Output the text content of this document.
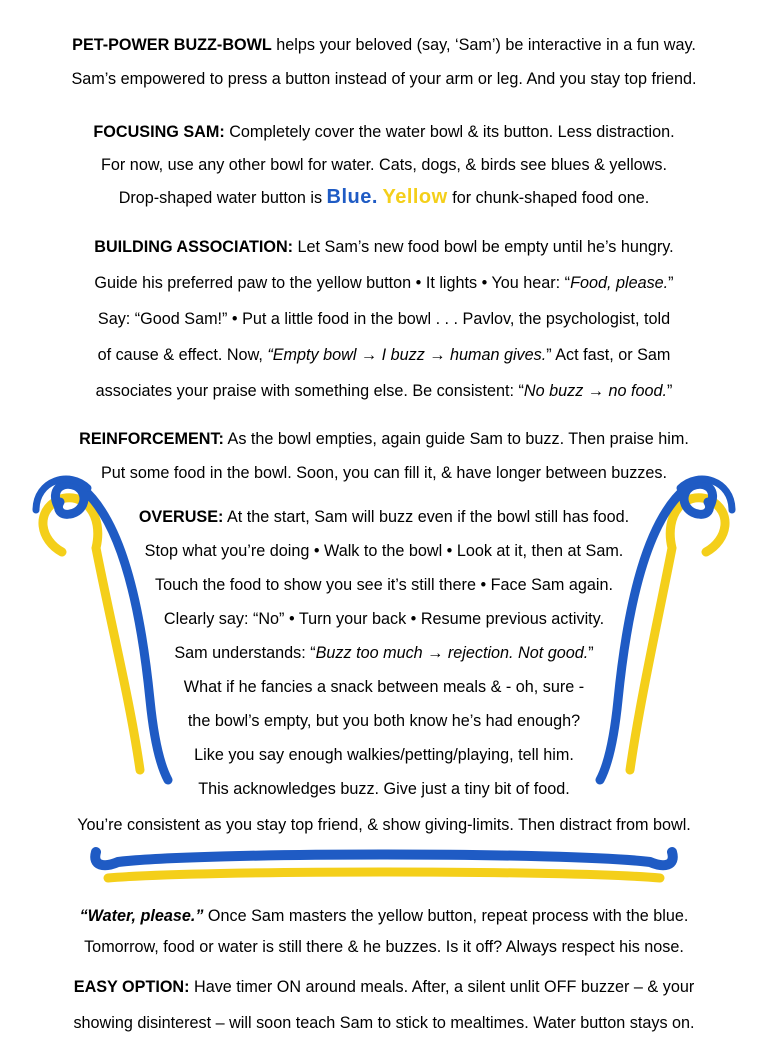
PET-POWER BUZZ-BOWL helps your beloved (say, ‘Sam’) be interactive in a fun way.
Sam’s empowered to press a button instead of your arm or leg. And you stay top friend.
FOCUSING SAM: Completely cover the water bowl & its button. Less distraction.
For now, use any other bowl for water. Cats, dogs, & birds see blues & yellows.
Drop-shaped water button is Blue. Yellow for chunk-shaped food one.
BUILDING ASSOCIATION: Let Sam’s new food bowl be empty until he’s hungry.
Guide his preferred paw to the yellow button • It lights • You hear: “Food, please.”
Say: “Good Sam!” • Put a little food in the bowl . . . Pavlov, the psychologist, told
of cause & effect. Now, “Empty bowl → I buzz → human gives.” Act fast, or Sam
associates your praise with something else. Be consistent: “No buzz → no food.”
REINFORCEMENT: As the bowl empties, again guide Sam to buzz. Then praise him.
Put some food in the bowl. Soon, you can fill it, & have longer between buzzes.
OVERUSE: At the start, Sam will buzz even if the bowl still has food.
Stop what you’re doing • Walk to the bowl • Look at it, then at Sam.
Touch the food to show you see it’s still there • Face Sam again.
Clearly say: “No” • Turn your back • Resume previous activity.
Sam understands: “Buzz too much → rejection. Not good.”
What if he fancies a snack between meals & - oh, sure -
the bowl’s empty, but you both know he’s had enough?
Like you say enough walkies/petting/playing, tell him.
This acknowledges buzz. Give just a tiny bit of food.
You’re consistent as you stay top friend, & show giving-limits. Then distract from bowl.
“Water, please.” Once Sam masters the yellow button, repeat process with the blue.
Tomorrow, food or water is still there & he buzzes. Is it off? Always respect his nose.
EASY OPTION: Have timer ON around meals. After, a silent unlit OFF buzzer – & your
showing disinterest – will soon teach Sam to stick to mealtimes. Water button stays on.
